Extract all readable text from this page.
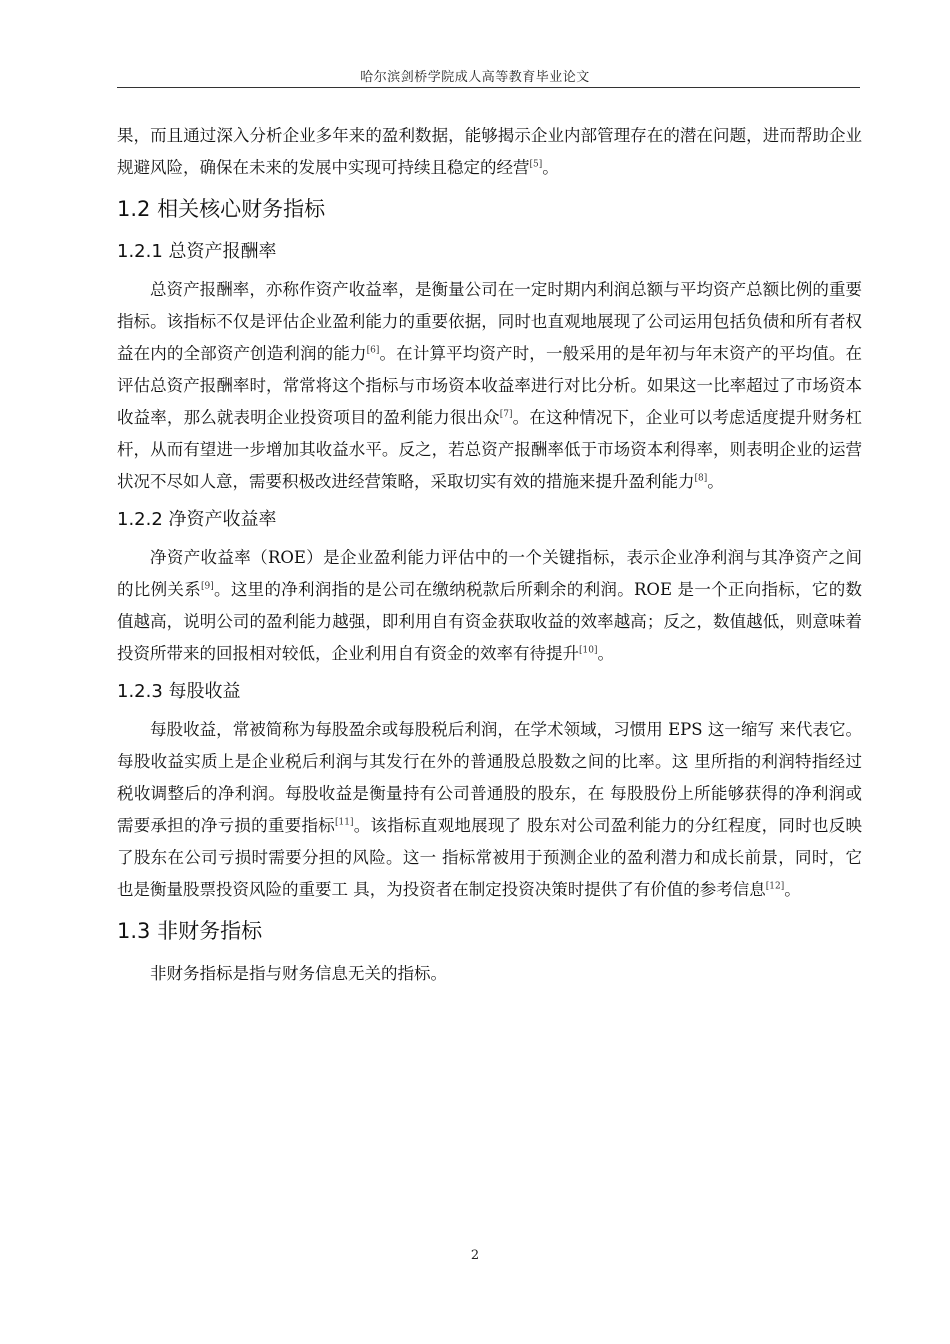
哈尔滨剑桥学院成人高等教育毕业论文

果，而且通过深入分析企业多年来的盈利数据，能够揭示企业内部管理存在的潜在问题，进而帮助企业规避风险，确保在未来的发展中实现可持续且稳定的经营[5]。

1.2 相关核心财务指标
1.2.1 总资产报酬率

总资产报酬率，亦称作资产收益率，是衡量公司在一定时期内利润总额与平均资产总额比例的重要指标。该指标不仅是评估企业盈利能力的重要依据，同时也直观地展现了公司运用包括负债和所有者权益在内的全部资产创造利润的能力[6]。在计算平均资产时，一般采用的是年初与年末资产的平均值。在评估总资产报酬率时，常常将这个指标与市场资本收益率进行对比分析。如果这一比率超过了市场资本收益率，那么就表明企业投资项目的盈利能力很出众[7]。在这种情况下，企业可以考虑适度提升财务杠杆，从而有望进一步增加其收益水平。反之，若总资产报酬率低于市场资本利得率，则表明企业的运营状况不尽如人意，需要积极改进经营策略，采取切实有效的措施来提升盈利能力[8]。

1.2.2 净资产收益率

净资产收益率（ROE）是企业盈利能力评估中的一个关键指标，表示企业净利润与其净资产之间的比例关系[9]。这里的净利润指的是公司在缴纳税款后所剩余的利润。ROE 是一个正向指标，它的数值越高，说明公司的盈利能力越强，即利用自有资金获取收益的效率越高；反之，数值越低，则意味着投资所带来的回报相对较低，企业利用自有资金的效率有待提升[10]。

1.2.3 每股收益

每股收益，常被简称为每股盈余或每股税后利润，在学术领域，习惯用 EPS 这一缩写 来代表它。每股收益实质上是企业税后利润与其发行在外的普通股总股数之间的比率。这 里所指的利润特指经过税收调整后的净利润。每股收益是衡量持有公司普通股的股东，在 每股股份上所能够获得的净利润或需要承担的净亏损的重要指标[11]。该指标直观地展现了 股东对公司盈利能力的分红程度，同时也反映了股东在公司亏损时需要分担的风险。这一 指标常被用于预测企业的盈利潜力和成长前景，同时，它也是衡量股票投资风险的重要工 具，为投资者在制定投资决策时提供了有价值的参考信息[12]。

1.3 非财务指标

非财务指标是指与财务信息无关的指标。

2
